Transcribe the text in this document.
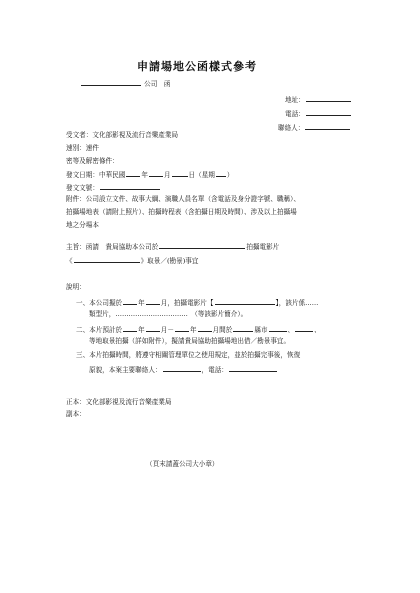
申請場地公函樣式參考
公司　函
地址：
電話：
聯絡人：
受文者：文化部影視及流行音樂產業局
速別：速件
密等及解密條件：
發文日期：中華民國 年 月	日（星期 ）
發文文號：
附件：公司設立文件、故事大綱、演職人員名單（含電話及身分證字號、職稱）、
拍攝場地表（請附上照片）、拍攝時程表（含拍攝日期及時間）、涉及以上拍攝場
地之分場本
主旨：函請　貴局協助本公司於	拍攝電影片
《	》取景／(勘景)事宜
說明：
一、本公司擬於 年 月，拍攝電影片【	】，該片係……
類型片，……………………………　（等該影片簡介）。
二、本片預計於 年 月－ 年 月間於	縣市	、	、
等地取景拍攝（詳如附件），擬請貴局協助拍攝場地出借／勘景事宜。
三、本片拍攝時間，將遵守相關管理單位之使用規定，並於拍攝完事後，恢復
原貌，本案主要聯絡人：	，電話：
正本：文化部影視及流行音樂產業局
副本：
（頁末請蓋公司大小章）
